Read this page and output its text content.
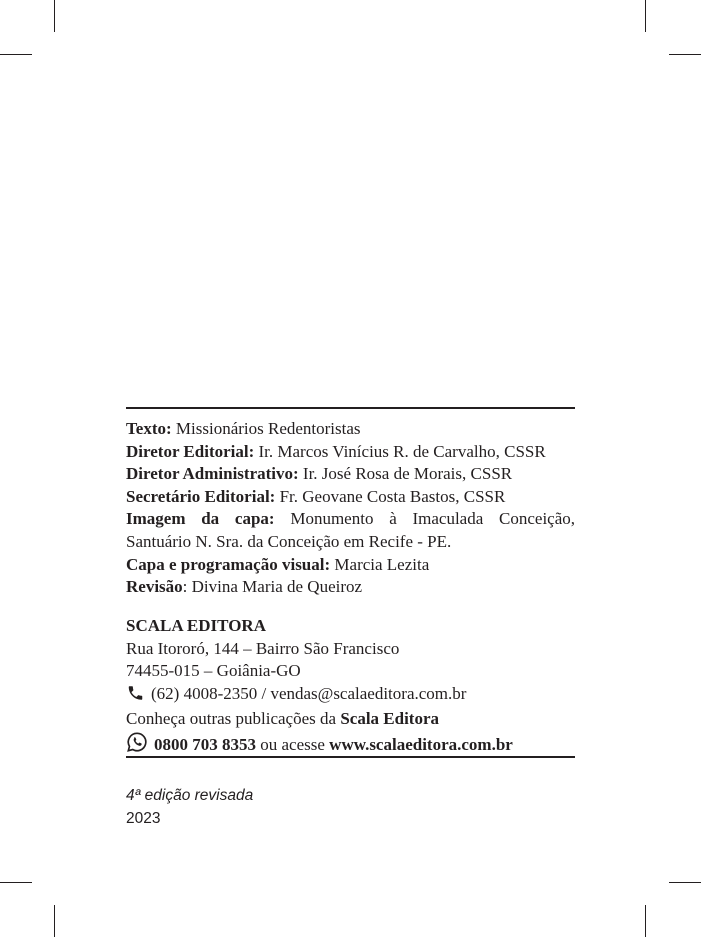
Texto: Missionários Redentoristas

Diretor Editorial: Ir. Marcos Vinícius R. de Carvalho, CSSR

Diretor Administrativo: Ir. José Rosa de Morais, CSSR

Secretário Editorial: Fr. Geovane Costa Bastos, CSSR

Imagem da capa: Monumento à Imaculada Conceição, Santuário N. Sra. da Conceição em Recife - PE.

Capa e programação visual: Marcia Lezita

Revisão: Divina Maria de Queiroz

SCALA EDITORA

Rua Itororó, 144 – Bairro São Francisco

74455-015 – Goiânia-GO

(62) 4008-2350 / vendas@scalaeditora.com.br

Conheça outras publicações da Scala Editora

0800 703 8353 ou acesse www.scalaeditora.com.br

4ª edição revisada

2023
